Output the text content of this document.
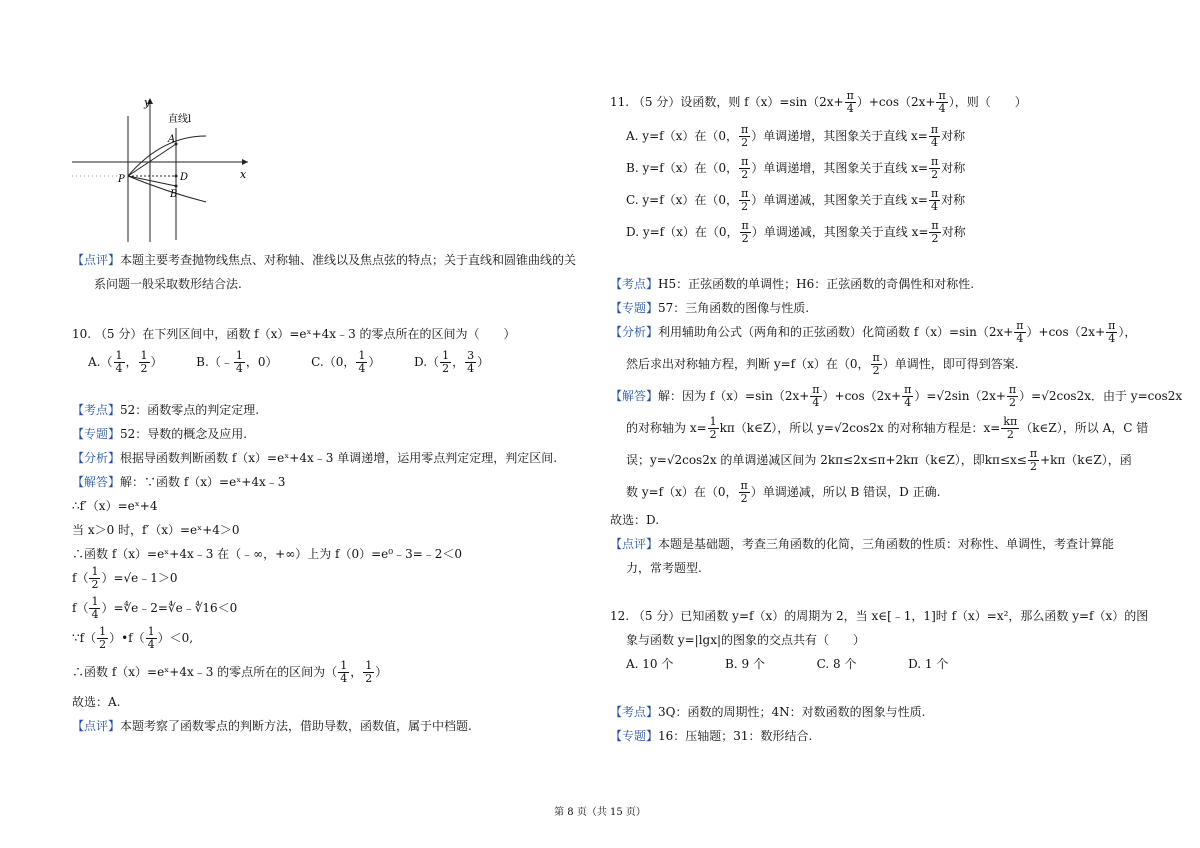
y
x
直线l
A
D
B
P
【点评】本题主要考查抛物线焦点、对称轴、准线以及焦点弦的特点；关于直线和圆锥曲线的关
系问题一般采取数形结合法.
10. （5 分）在下列区间中，函数 f（x）=eˣ+4x﹣3 的零点所在的区间为（　　）
$A.( \frac{1}{4}$ ， $\frac{1}{2}$ ）  B.（﹣ $\frac{1}{4}$ ，0）  C.（0， $\frac{1}{4}$ ）  $D.( \frac{1}{2}$ ， $\frac{3}{4}$ ）
【考点】52：函数零点的判定定理.
【专题】52：导数的概念及应用.
【分析】根据导函数判断函数 f（x）=eˣ+4x﹣3 单调递增，运用零点判定定理，判定区间.
【解答】解：∵函数 f（x）=eˣ+4x﹣3
∴f′（x）=eˣ+4
当 x＞0 时，f′（x）=eˣ+4＞0
∴函数 f（x）=eˣ+4x﹣3 在（﹣∞，+∞）上为 f（0）=e⁰﹣3=﹣2＜0
$f( \frac{1}{2}$ ）=√e﹣1＞0
$f( \frac{1}{4}$ ）=∜e﹣2=∜e﹣∜16＜0
∵f（ $\frac{1}{2}$ ）•f（ $\frac{1}{4} )<0$,
∴函数 f（x）=eˣ+4x﹣3 的零点所在的区间为（ $\frac{1}{4}$ ， $\frac{1}{2}$ ）
故选：A.
【点评】本题考察了函数零点的判断方法，借助导数，函数值，属于中档题.
11. （5 分）设函数，则 $f(x)=\sin(2x+ \frac{\pi}{4} )+\cos(2x+ \frac{\pi}{4}$ ），则（　　）
A. y=f（x）在（0， $\frac{\pi}{2}$ ）单调递增，其图象关于直线 $x= \frac{\pi}{4}$ 对称
B. y=f（x）在（0， $\frac{\pi}{2}$ ）单调递增，其图象关于直线 $x= \frac{\pi}{2}$ 对称
C. y=f（x）在（0， $\frac{\pi}{2}$ ）单调递减，其图象关于直线 $x= \frac{\pi}{4}$ 对称
D. y=f（x）在（0， $\frac{\pi}{2}$ ）单调递减，其图象关于直线 $x= \frac{\pi}{2}$ 对称
【考点】H5：正弦函数的单调性；H6：正弦函数的奇偶性和对称性.
【专题】57：三角函数的图像与性质.
【分析】利用辅助角公式（两角和的正弦函数）化简函数 $f(x)=\sin(2x+ \frac{\pi}{4} )+\cos(2x+ \frac{\pi}{4}$ ），
然后求出对称轴方程，判断 y=f（x）在（0， $\frac{\pi}{2}$ ）单调性，即可得到答案.
【解答】解：因为 $f(x)=\sin(2x+ \frac{\pi}{4} )+\cos(2x+ \frac{\pi}{4} )=√2\sin(2x+ \frac{\pi}{2} )=√2\cos 2x$．由于 y=cos2x
的对称轴为 $x= \frac{1}{2}$ kπ（k∈Z），所以 y=√2cos2x 的对称轴方程是：$x= \frac{k\pi}{2}$ （k∈Z），所以 A，C 错
误；y=√2cos2x 的单调递减区间为 2kπ≤2x≤π+2kπ（k∈Z），即$k\pi\le x\le \frac{\pi}{2}$ +kπ（k∈Z），函
数 y=f（x）在（0， $\frac{\pi}{2}$ ）单调递减，所以 B 错误，D 正确.
故选：D.
【点评】本题是基础题，考查三角函数的化简，三角函数的性质：对称性、单调性，考查计算能
力，常考题型.
12. （5 分）已知函数 y=f（x）的周期为 2，当 x∈[﹣1，1]时 f（x）=x²，那么函数 y=f（x）的图
象与函数 y=|lgx|的图象的交点共有（　　）
A. 10 个	B. 9 个	C. 8 个	D. 1 个
【考点】3Q：函数的周期性；4N：对数函数的图象与性质.
【专题】16：压轴题；31：数形结合.
第 8 页（共 15 页）
